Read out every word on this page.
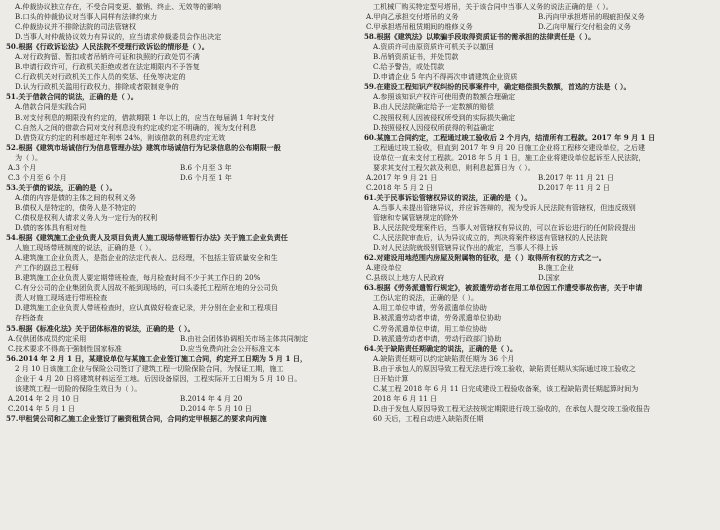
A.仲裁协议独立存在，不受合同变更、撤销、终止、无效等的影响
B.口头的仲裁协议对当事人同样有法律约束力
C.仲裁协议并不排除法院的司法管辖权
D.当事人对仲裁协议效力有异议的，应当请求仲裁委员会作出决定
50.根据《行政诉讼法》人民法院不受理行政诉讼的情形是（ ）。
A.对行政拘留、暂扣或者吊销许可证和执照的行政处罚不满
B.申请行政许可，行政机关拒绝或者在法定期限内不予答复
C.行政机关对行政机关工作人员的奖惩、任免等决定的
D.认为行政机关滥用行政权力，排除或者限制竞争的
51.关于借款合同的说法，正确的是（ ）。
A.借款合同是实践合同
B.对支付利息的期限没有约定的，借款期限 1 年以上的，应当在每届满 1 年时支付
C.自然人之间的借款合同对支付利息没有约定或约定不明确的，视为支付利息
D.借贷双方约定的利率超过年利率 24%，则该借款的利息约定无效
52.根据《建筑市场诚信行为信息管理办法》建筑市场诚信行为记录信息的公布期限一般
为（ ）。
A.3 个月	B.6 个月至 3 年
C.3 个月至 6 个月	D.6 个月至 1 年
53.关于债的说法，正确的是（ ）。
A.债的内容是债的主体之间的权利义务
B.债权人是特定的，债务人是不特定的
C.债权是权利人请求义务人为一定行为的权利
D.债的客体具有相对性
54.根据《建筑施工企业负责人及项目负责人施工现场带班暂行办法》关于施工企业负责任
人施工现场带班制度的说法，正确的是（ ）。
A.建筑施工企业负责人，是指企业的法定代表人、总经理，不包括主管质量安全和生
产工作的副总工程师
B.建筑施工企业负责人要定期带班检查，每月检查时间不少于其工作日的 20%
C.有分公司的企业集团负责人因故不能到现场的，可口头委托工程所在地的分公司负
责人对施工现场进行带班检查
D.建筑施工企业负责人带班检查时，应认真做好检查记录，并分别在企业和工程项目
存档备查
55.根据《标准化法》关于团体标准的说法，正确的是（ ）。
A.仅供团体成员约定采用	B.由社会团体协调相关市场主体共同制定
C.技术要求不得高于强制性国家标准	D.应当免费向社会公开标准文本
56.2014 年 2 月 1 日，某建设单位与某施工企业签订施工合同，约定开工日期为 5 月 1 日，
2 月 10 日该施工企业与保险公司签订了建筑工程一切险保险合同，为保证工期，施工
企业于 4 月 20 日将建筑材料运至工地。后因设备原因，工程实际开工日期为 5 月 10 日。
该建筑工程一切险的保险生效日为（ ）。
A.2014 年 2 月 10 日	B.2014 年 4 月 20
C.2014 年 5 月 1 日	D.2014 年 5 月 10 日
57.甲租赁公司和乙施工企业签订了融资租赁合同，合同约定甲根据乙的要求向丙施
工机械厂购买特定型号塔吊，关于该合同中当事人义务的说法正确的是（ ）。
A.甲向乙承担交付塔吊的义务	B.丙向甲承担塔吊的瑕疵担保义务
C.甲承担塔吊租赁期间的维修义务	D.乙向甲履行交付租金的义务
58.根据《建筑法》以欺骗手段取得资质证书的需承担的法律责任是（ ）。
A.资质许可由原资质许可机关予以撤回
B.吊销资质证书，并处罚款
C.给予警告，或处罚款
D.申请企业 5 年内不得再次申请建筑企业资质
59.在建设工程知识产权纠纷的民事案件中，确定赔偿损失数额，首选的方法是（ ）。
A.参照该知识产权许可使用费的数额合理确定
B.由人民法院确定给予一定数额的赔偿
C.按照权利人因被侵权所受到的实际损失确定
D.按照侵权人因侵权所获得的利益确定
60.某施工合同约定，工程通过竣工验收后 2 个月内，结清所有工程款。2017 年 9 月 1 日
工程通过竣工验收，但直到 2017 年 9 月 20 日施工企业将工程移交建设单位，之后建
设单位一直未支付工程款。2018 年 5 月 1 日，施工企业将建设单位起诉至人民法院，
要求其支付工程欠款及利息，则利息起算日为（ ）。
A.2017 年 9 月 21 日	B.2017 年 11 月 21 日
C.2018 年 5 月 2 日	D.2017 年 11 月 2 日
61.关于民事诉讼管辖权异议的说法，正确的是（ ）。
A.当事人未提出管辖异议，并应诉答辩的，视为受诉人民法院有管辖权，但违反级别
管辖和专属管辖规定的除外
B.人民法院受理案件后，当事人对管辖权有异议的，可以在诉讼进行的任何阶段提出
C.人民法院审查后，认为异议成立的，判决将案件移送有管辖权的人民法院
D.对人民法院就级别管辖异议作出的裁定，当事人不得上诉
62.对建设用地范围内房屋及附属物的征收，是（ ）取得所有权的方式之一。
A.建设单位	B.施工企业
C.县级以上地方人民政府	D.国家
63.根据《劳务派遣暂行规定》，被派遣劳动者在用工单位因工作遭受事故伤害，关于申请
工伤认定的说法，正确的是（ ）。
A.用工单位申请，劳务派遣单位协助
B.被派遣劳动者申请，劳务派遣单位协助
C.劳务派遣单位申请，用工单位协助
D.被派遣劳动者申请，劳动行政部门协助
64.关于缺陷责任期确定的说法，正确的是（ ）。
A.缺陷责任期可以约定缺陷责任期为 36 个月
B.由于承包人的原因导致工程无法进行竣工验收，缺陷责任期从实际通过竣工验收之
日开始计算
C.某工程 2018 年 6 月 11 日完成建设工程验收备案，该工程缺陷责任期起算时间为
2018 年 6 月 11 日
D.由于发包人原因导致工程无法按规定期限进行竣工验收的，在承包人提交竣工验收报告
60 天后，工程自动进入缺陷责任期
